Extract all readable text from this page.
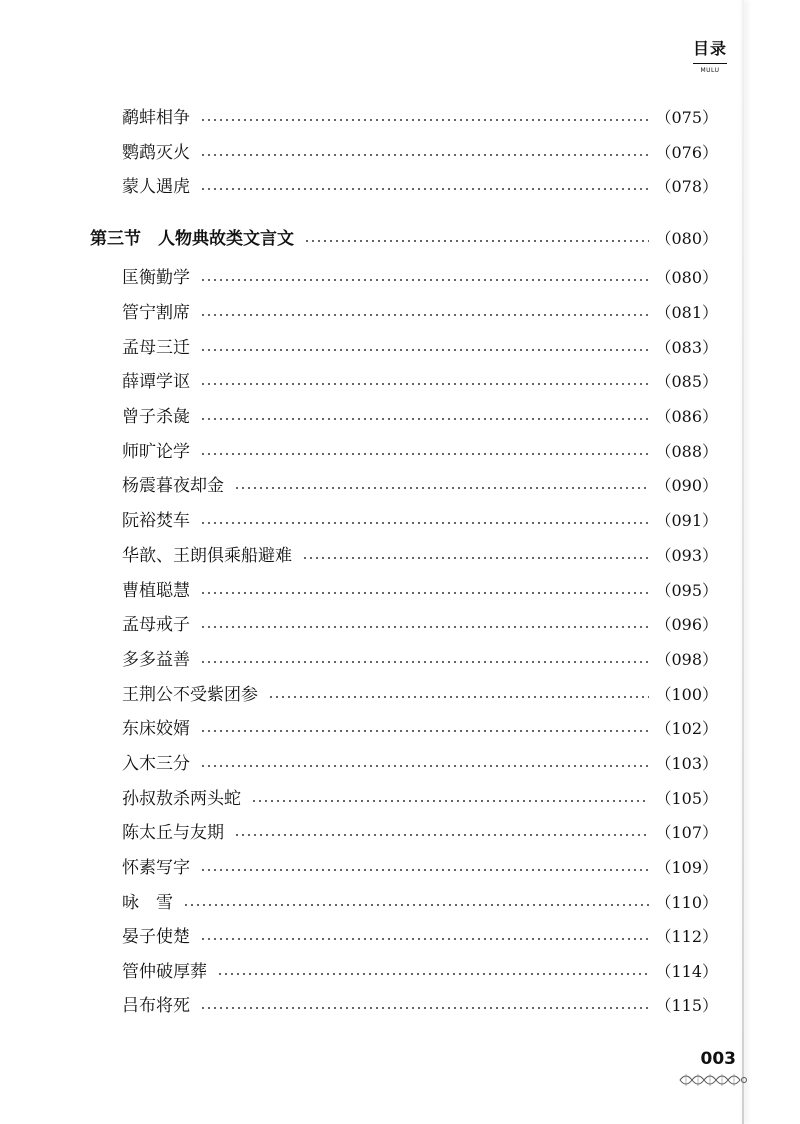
目录
MULU
鹬蚌相争	（075）
鹦鹉灭火	（076）
蒙人遇虎	（078）
第三节　人物典故类文言文	（080）
匡衡勤学	（080）
管宁割席	（081）
孟母三迁	（083）
薛谭学讴	（085）
曾子杀彘	（086）
师旷论学	（088）
杨震暮夜却金	（090）
阮裕焚车	（091）
华歆、王朗俱乘船避难	（093）
曹植聪慧	（095）
孟母戒子	（096）
多多益善	（098）
王荆公不受紫团参	（100）
东床姣婿	（102）
入木三分	（103）
孙叔敖杀两头蛇	（105）
陈太丘与友期	（107）
怀素写字	（109）
咏　雪	（110）
晏子使楚	（112）
管仲破厚葬	（114）
吕布将死	（115）
003
